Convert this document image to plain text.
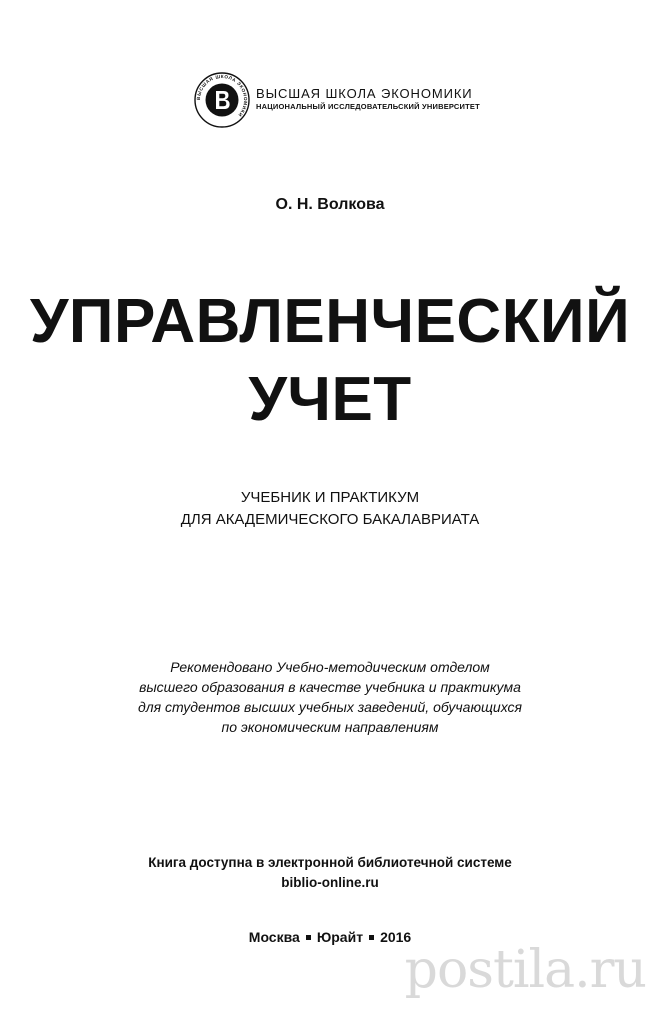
ВЫСШАЯ ШКОЛА ЭКОНОМИКИ
ВЫСШАЯ ШКОЛА ЭКОНОМИКИ
НАЦИОНАЛЬНЫЙ ИССЛЕДОВАТЕЛЬСКИЙ УНИВЕРСИТЕТ
О. Н. Волкова
УПРАВЛЕНЧЕСКИЙ
УЧЕТ
УЧЕБНИК И ПРАКТИКУМ
ДЛЯ АКАДЕМИЧЕСКОГО БАКАЛАВРИАТА
Рекомендовано Учебно-методическим отделом
высшего образования в качестве учебника и практикума
для студентов высших учебных заведений, обучающихся
по экономическим направлениям
Книга доступна в электронной библиотечной системе
biblio-online.ru
Москва Юрайт 2016
postila.ru
